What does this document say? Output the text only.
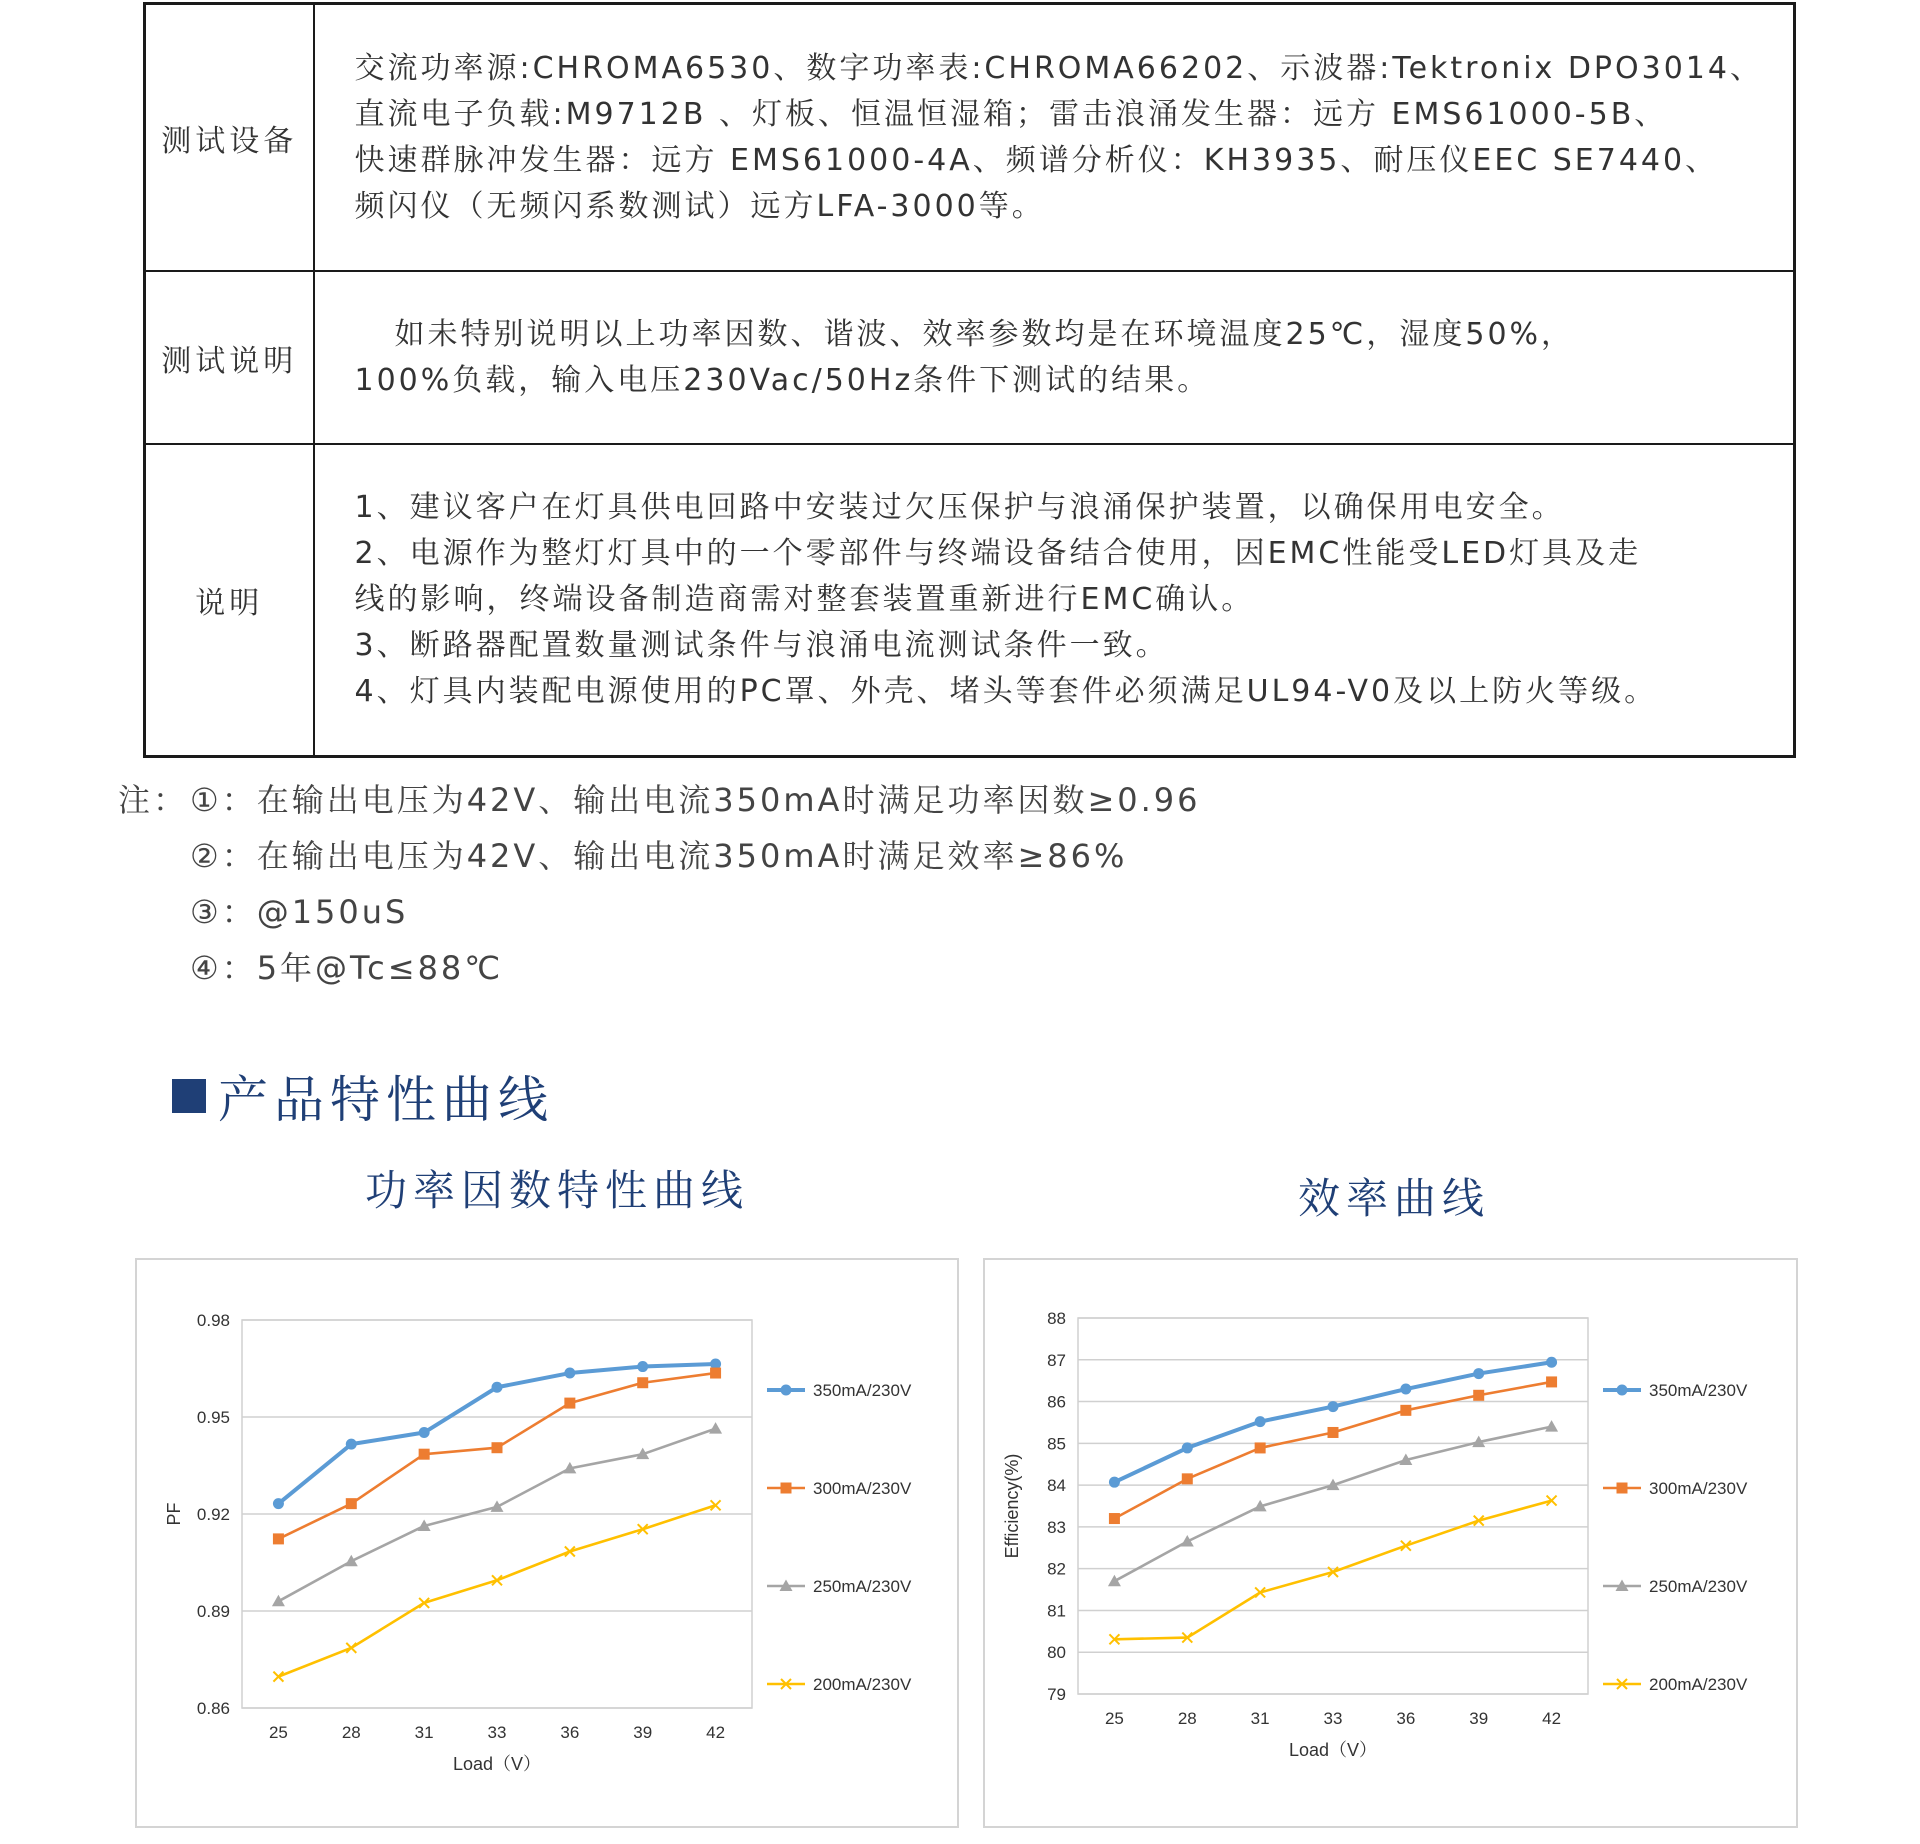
测试设备	交流功率源:CHROMA6530、数字功率表:CHROMA66202、示波器:Tektronix DPO3014、
直流电子负载:M9712B 、灯板、恒温恒湿箱；雷击浪涌发生器：远方 EMS61000-5B、
快速群脉冲发生器：远方 EMS61000-4A、频谱分析仪：KH3935、耐压仪EEC SE7440、
频闪仪（无频闪系数测试）远方LFA-3000等。

测试说明	如未特别说明以上功率因数、谐波、效率参数均是在环境温度25℃，湿度50%，
100%负载，输入电压230Vac/50Hz条件下测试的结果。

说明	1、建议客户在灯具供电回路中安装过欠压保护与浪涌保护装置，以确保用电安全。
2、电源作为整灯灯具中的一个零部件与终端设备结合使用，因EMC性能受LED灯具及走
线的影响，终端设备制造商需对整套装置重新进行EMC确认。
3、断路器配置数量测试条件与浪涌电流测试条件一致。
4、灯具内装配电源使用的PC罩、外壳、堵头等套件必须满足UL94-V0及以上防火等级。
注： ①：在输出电压为42V、输出电流350mA时满足功率因数≥0.96
②：在输出电压为42V、输出电流350mA时满足效率≥86%
③：@150uS
④：5年@Tc≤88℃
产品特性曲线
功率因数特性曲线	效率曲线
0.86
0.89
0.92
0.95
0.98
25	28	31	33	36	39	42
Load（V）
PF
350mA/230V
300mA/230V
250mA/230V
200mA/230V
79
80
81
82
83
84
85
86
87
88
25	28	31	33	36	39	42
Load（V）
Efficiency(%)
350mA/230V
300mA/230V
250mA/230V
200mA/230V
